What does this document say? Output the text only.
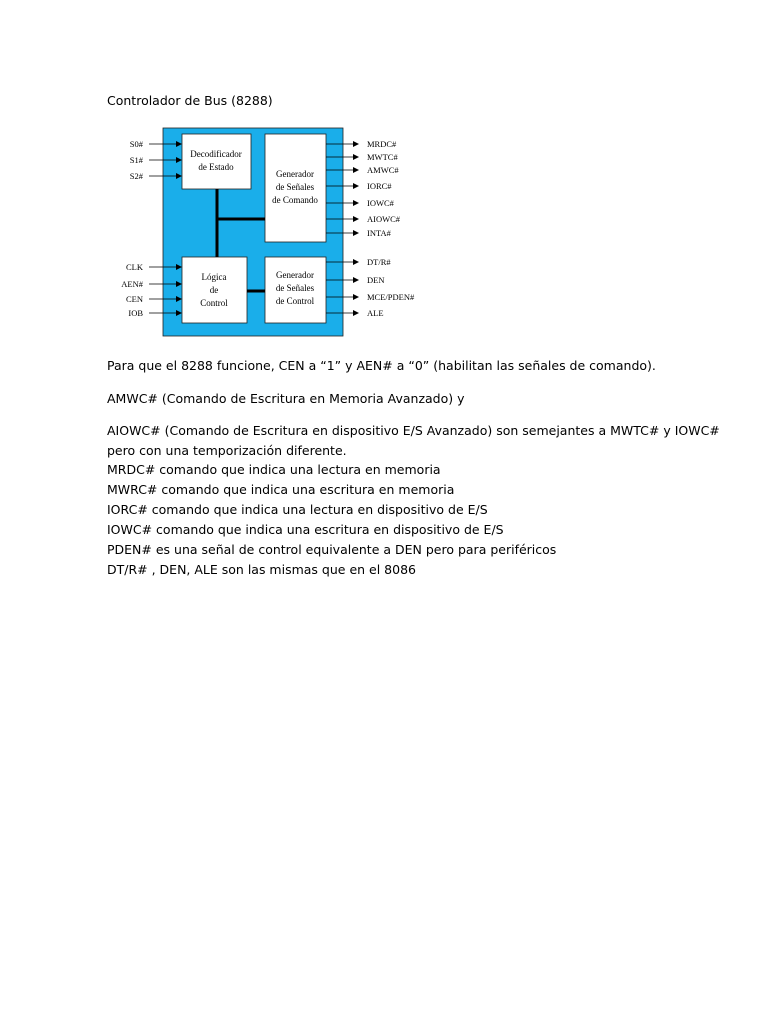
Controlador de Bus (8288)
Decodificador
de Estado
Generador
de Señales
de Comando
Lógica
de
Control
Generador
de Señales
de Control
S0#
S1#
S2#
CLK
AEN#
CEN
IOB
MRDC#
MWTC#
AMWC#
IORC#
IOWC#
AIOWC#
INTA#
DT/R#
DEN
MCE/PDEN#
ALE
Para que el 8288 funcione, CEN a “1” y AEN# a “0” (habilitan las señales de comando).
AMWC# (Comando de Escritura en Memoria Avanzado) y
AIOWC# (Comando de Escritura en dispositivo E/S Avanzado) son semejantes a MWTC# y IOWC#
pero con una temporización diferente.
MRDC# comando que indica una lectura en memoria
MWRC# comando que indica una escritura en memoria
IORC# comando que indica una lectura en dispositivo de E/S
IOWC# comando que indica una escritura en dispositivo de E/S
PDEN# es una señal de control equivalente a DEN pero para periféricos
DT/R# , DEN, ALE son las mismas que en el 8086
